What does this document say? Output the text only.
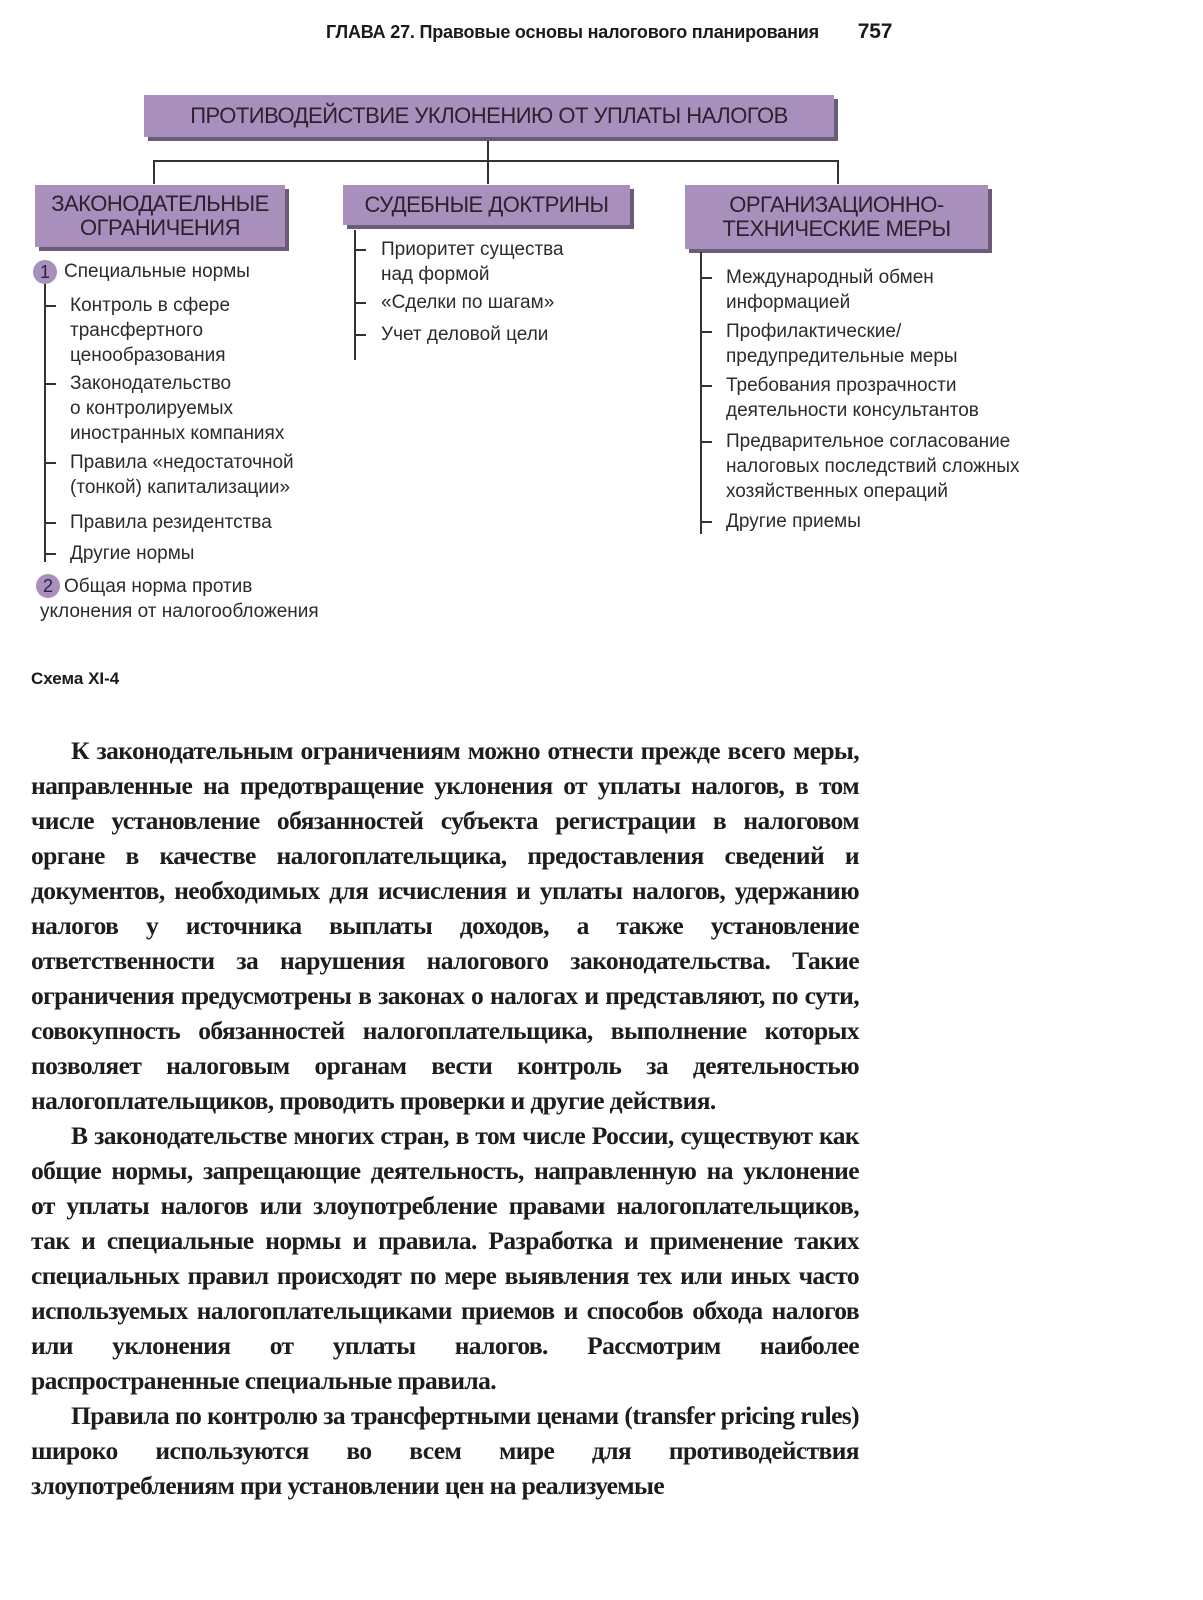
ГЛАВА 27. Правовые основы налогового планирования 757
ПРОТИВОДЕЙСТВИЕ УКЛОНЕНИЮ ОТ УПЛАТЫ НАЛОГОВ
ЗАКОНОДАТЕЛЬНЫЕ
ОГРАНИЧЕНИЯ
СУДЕБНЫЕ ДОКТРИНЫ	ОРГАНИЗАЦИОННО-
ТЕХНИЧЕСКИЕ МЕРЫ
1 Специальные нормы
Контроль в сфере
трансфертного
ценообразования
Законодательство
о контролируемых
иностранных компаниях
Правила «недостаточной
(тонкой) капитализации»
Правила резидентства
Другие нормы
2 Общая норма против
уклонения от налогообложения
Приоритет существа
над формой
«Сделки по шагам»
Учет деловой цели
Международный обмен
информацией
Профилактические/
предупредительные меры
Требования прозрачности
деятельности консультантов
Предварительное согласование
налоговых последствий сложных
хозяйственных операций
Другие приемы
Схема XI-4

К законодательным ограничениям можно отнести прежде всего меры, направленные на предотвращение уклонения от уплаты налогов, в том числе установление обязанностей субъекта регистрации в налоговом органе в качестве налогоплательщика, предоставления сведений и документов, необходимых для исчисления и уплаты налогов, удержанию налогов у источника выплаты доходов, а также установление ответственности за нарушения налогового законодательства. Такие ограничения предусмотрены в законах о налогах и представляют, по сути, совокупность обязанностей налогоплательщика, выполнение которых позволяет налоговым органам вести контроль за деятельностью налогоплательщиков, проводить проверки и другие действия.

В законодательстве многих стран, в том числе России, существуют как общие нормы, запрещающие деятельность, направленную на уклонение от уплаты налогов или злоупотребление правами налогоплательщиков, так и специальные нормы и правила. Разработка и применение таких специальных правил происходят по мере выявления тех или иных часто используемых налогоплательщиками приемов и способов обхода налогов или уклонения от уплаты налогов. Рассмотрим наиболее распространенные специальные правила.

Правила по контролю за трансфертными ценами (transfer pricing rules) широко используются во всем мире для противодействия злоупотреблениям при установлении цен на реализуемые
